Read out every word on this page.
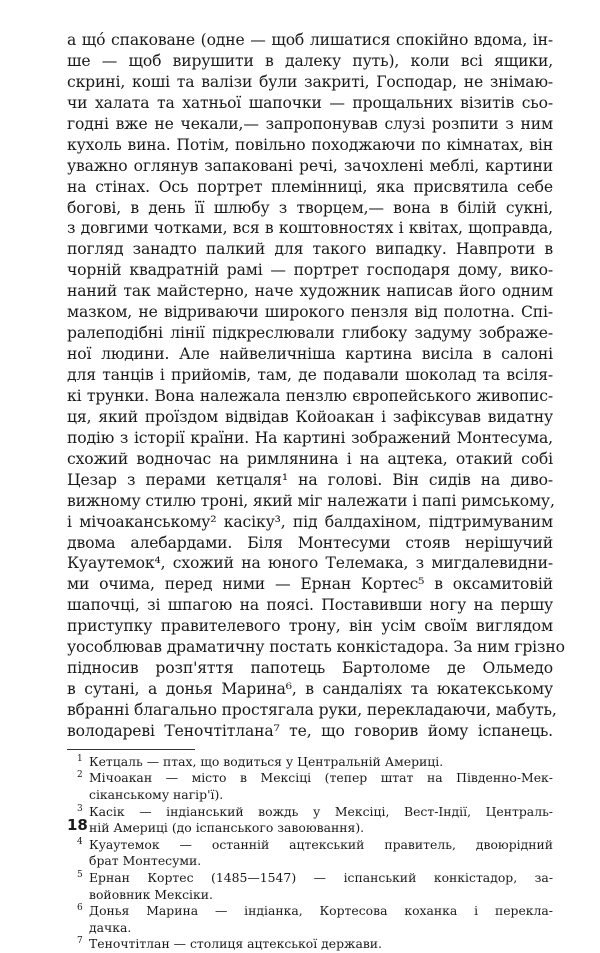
а щó спаковане (одне — щоб лишатися спокійно вдома, ін-
ше — щоб вирушити в далеку путь), коли всі ящики,
скрині, коші та валізи були закриті, Господар, не знімаю-
чи халата та хатньої шапочки — прощальних візитів сьо-
годні вже не чекали,— запропонував слузі розпити з ним
кухоль вина. Потім, повільно походжаючи по кімнатах, він
уважно оглянув запаковані речі, зачохлені меблі, картини
на стінах. Ось портрет племінниці, яка присвятила себе
богові, в день її шлюбу з творцем,— вона в білій сукні,
з довгими чотками, вся в коштовностях і квітах, щоправда,
погляд занадто палкий для такого випадку. Навпроти в
чорній квадратній рамі — портрет господаря дому, вико-
наний так майстерно, наче художник написав його одним
мазком, не відриваючи широкого пензля від полотна. Спі-
ралеподібні лінії підкреслювали глибоку задуму зображе-
ної людини. Але найвеличніша картина висіла в салоні
для танців і прийомів, там, де подавали шоколад та всіля-
кі трунки. Вона належала пензлю європейського живопис-
ця, який проїздом відвідав Койоакан і зафіксував видатну
подію з історії країни. На картині зображений Монтесума,
схожий водночас на римлянина і на ацтека, отакий собі
Цезар з перами кетцаля¹ на голові. Він сидів на диво-
вижному стилю троні, який міг належати і папі римському,
і мічоаканському² касіку³, під балдахіном, підтримуваним
двома алебардами. Біля Монтесуми стояв нерішучий
Куаутемок⁴, схожий на юного Телемака, з мигдалевидни-
ми очима, перед ними — Ернан Кортес⁵ в оксамитовій
шапочці, зі шпагою на поясі. Поставивши ногу на першу
приступку правителевого трону, він усім своїм виглядом
уособлював драматичну постать конкістадора. За ним грізно
підносив розп'яття папотець Бартоломе де Ольмедо
в сутані, а донья Марина⁶, в сандаліях та юкатекському
вбранні благально простягала руки, перекладаючи, мабуть,
володареві Теночтітлана⁷ те, що говорив йому іспанець.
1 Кетцаль — птах, що водиться у Центральній Америці.
2 Мічоакан — місто в Мексіці (тепер штат на Південно-Мек-
сіканському нагір'ї).
3 Касік — індіанський вождь у Мексіці, Вест-Індії, Централь-
ній Америці (до іспанського завоювання).
4 Куаутемок — останній ацтекський правитель, двоюрідний
брат Монтесуми.
5 Ернан Кортес (1485—1547) — іспанський конкістадор, за-
войовник Мексіки.
6 Донья Марина — індіанка, Кортесова коханка і перекла-
дачка.
7 Теночтітлан — столиця ацтекської держави.
18
